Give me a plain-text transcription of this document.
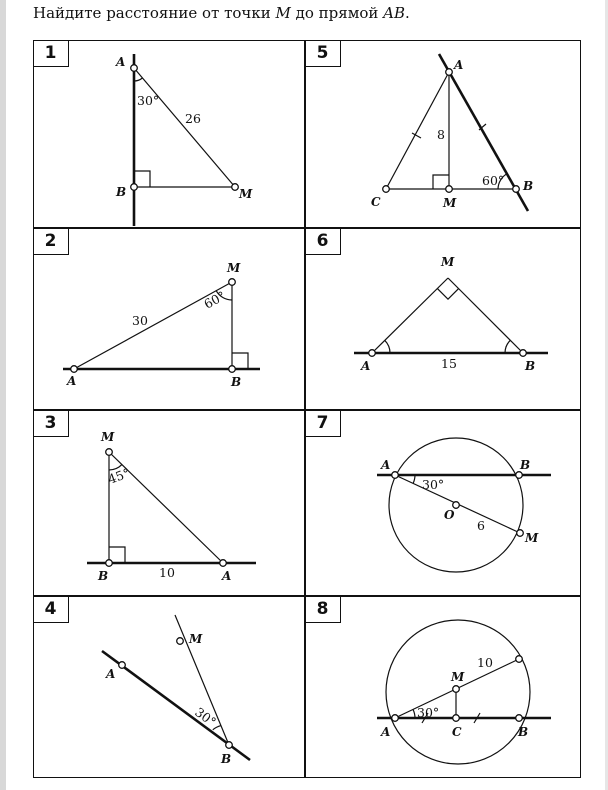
Найдите расстояние от точки M до прямой AB.
1	A
B	M
30°
26
2
A	B
M
60°
30
3
M
B	A
45°
10
4
A
B
M
30°
5
A
C	M
B
8
60°
6
A	B
M
15
7
A	B
O
M
30°
6
8
A	C	B
M
30°
10
